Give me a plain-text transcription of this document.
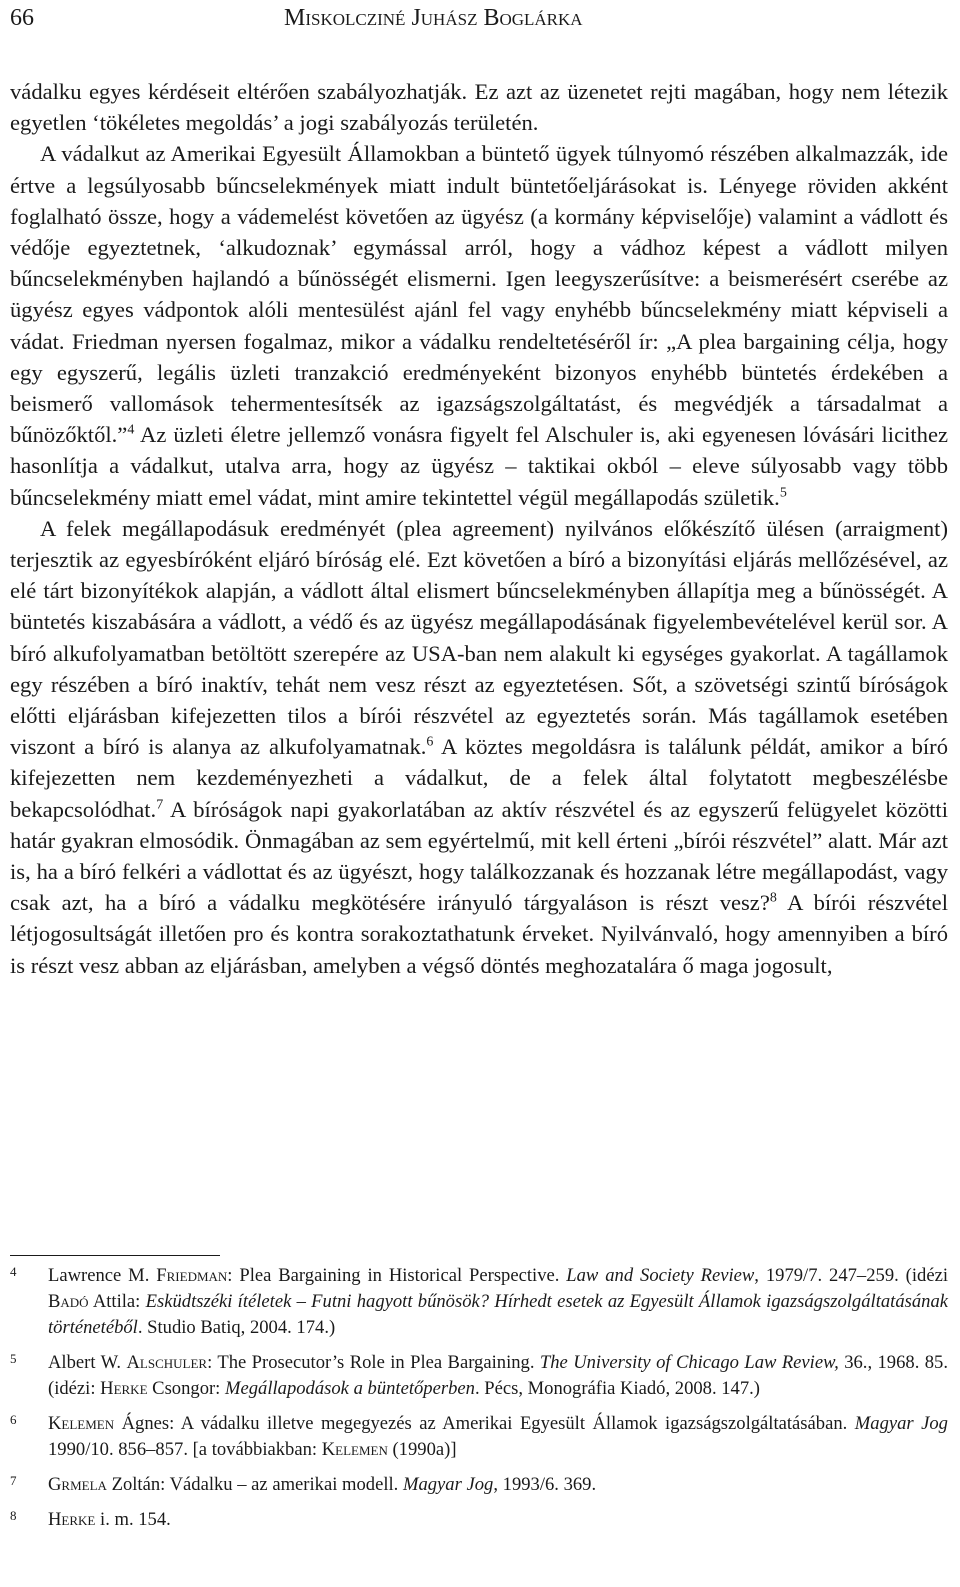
66	Miskolcziné Juhász Boglárka

vádalku egyes kérdéseit eltérően szabályozhatják. Ez azt az üzenetet rejti magában, hogy nem létezik egyetlen ‘tökéletes megoldás’ a jogi szabályozás területén.

A vádalkut az Amerikai Egyesült Államokban a büntető ügyek túlnyomó részében alkalmazzák, ide értve a legsúlyosabb bűncselekmények miatt indult büntetőeljárásokat is. Lényege röviden akként foglalható össze, hogy a vádemelést követően az ügyész (a kormány képviselője) valamint a vádlott és védője egyeztetnek, ‘alkudoznak’ egymással arról, hogy a vádhoz képest a vádlott milyen bűncselekményben hajlandó a bűnösségét elismerni. Igen leegyszerűsítve: a beismerésért cserébe az ügyész egyes vádpontok alóli mentesülést ajánl fel vagy enyhébb bűncselekmény miatt képviseli a vádat. Friedman nyersen fogalmaz, mikor a vádalku rendeltetéséről ír: „A plea bargaining célja, hogy egy egyszerű, legális üzleti tranzakció eredményeként bizonyos enyhébb büntetés érdekében a beismerő vallomások tehermentesítsék az igazságszolgáltatást, és megvédjék a társadalmat a bűnözőktől.”$^4$ Az üzleti életre jellemző vonásra figyelt fel Alschuler is, aki egyenesen lóvásári licithez hasonlítja a vádalkut, utalva arra, hogy az ügyész – taktikai okból – eleve súlyosabb vagy több bűncselekmény miatt emel vádat, mint amire tekintettel végül megállapodás születik.$^5$

A felek megállapodásuk eredményét (plea agreement) nyilvános előkészítő ülésen (arraigment) terjesztik az egyesbíróként eljáró bíróság elé. Ezt követően a bíró a bizonyítási eljárás mellőzésével, az elé tárt bizonyítékok alapján, a vádlott által elismert bűncselekményben állapítja meg a bűnösségét. A büntetés kiszabására a vádlott, a védő és az ügyész megállapodásának figyelembevételével kerül sor. A bíró alkufolyamatban betöltött szerepére az USA-ban nem alakult ki egységes gyakorlat. A tagállamok egy részében a bíró inaktív, tehát nem vesz részt az egyeztetésen. Sőt, a szövetségi szintű bíróságok előtti eljárásban kifejezetten tilos a bírói részvétel az egyeztetés során. Más tagállamok esetében viszont a bíró is alanya az alkufolyamatnak.$^6$ A köztes megoldásra is találunk példát, amikor a bíró kifejezetten nem kezdeményezheti a vádalkut, de a felek által folytatott megbeszélésbe bekapcsolódhat.$^7$ A bíróságok napi gyakorlatában az aktív részvétel és az egyszerű felügyelet közötti határ gyakran elmosódik. Önmagában az sem egyértelmű, mit kell érteni „bírói részvétel” alatt. Már azt is, ha a bíró felkéri a vádlottat és az ügyészt, hogy találkozzanak és hozzanak létre megállapodást, vagy csak azt, ha a bíró a vádalku megkötésére irányuló tárgyaláson is részt vesz?$^8$ A bírói részvétel létjogosultságát illetően pro és kontra sorakoztathatunk érveket. Nyilvánvaló, hogy amennyiben a bíró is részt vesz abban az eljárásban, amelyben a végső döntés meghozatalára ő maga jogosult,

4 Lawrence M. Friedman: Plea Bargaining in Historical Perspective. Law and Society Review, 1979/7. 247–259. (idézi Badó Attila: Esküdtszéki ítéletek – Futni hagyott bűnösök? Hírhedt esetek az Egyesült Államok igazságszolgáltatásának történetéből. Studio Batiq, 2004. 174.)
5 Albert W. Alschuler: The Prosecutor’s Role in Plea Bargaining. The University of Chicago Law Review, 36., 1968. 85. (idézi: Herke Csongor: Megállapodások a büntetőperben. Pécs, Monográfia Kiadó, 2008. 147.)
6 Kelemen Ágnes: A vádalku illetve megegyezés az Amerikai Egyesült Államok igazságszolgáltatásában. Magyar Jog 1990/10. 856–857. [a továbbiakban: Kelemen (1990a)]
7 Grmela Zoltán: Vádalku – az amerikai modell. Magyar Jog, 1993/6. 369.
8 Herke i. m. 154.
